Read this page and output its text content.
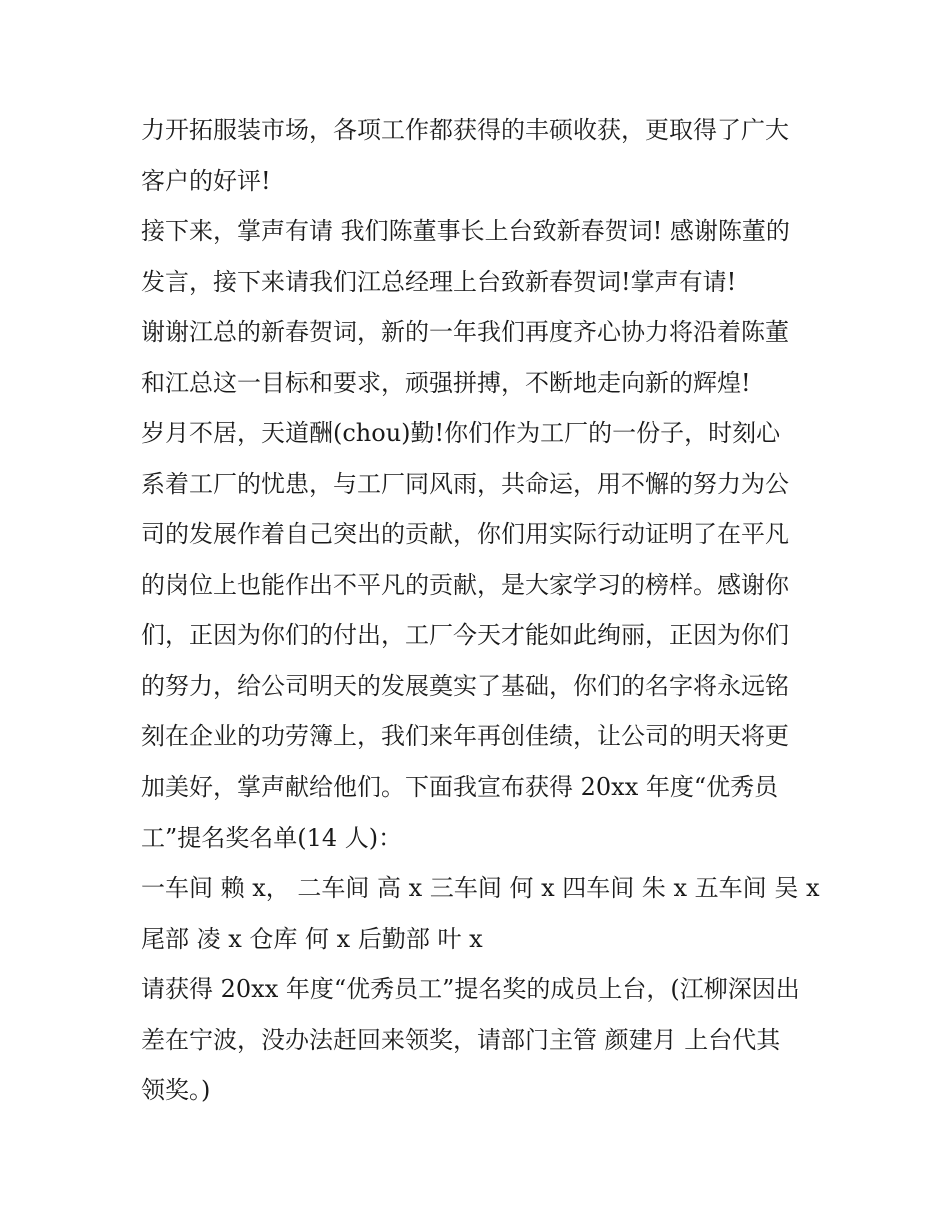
力开拓服装市场，各项工作都获得的丰硕收获，更取得了广大
客户的好评!
接下来，掌声有请 我们陈董事长上台致新春贺词! 感谢陈董的
发言，接下来请我们江总经理上台致新春贺词!掌声有请!
谢谢江总的新春贺词，新的一年我们再度齐心协力将沿着陈董
和江总这一目标和要求，顽强拼搏，不断地走向新的辉煌!
岁月不居，天道酬(chou)勤!你们作为工厂的一份子，时刻心
系着工厂的忧患，与工厂同风雨，共命运，用不懈的努力为公
司的发展作着自己突出的贡献，你们用实际行动证明了在平凡
的岗位上也能作出不平凡的贡献，是大家学习的榜样。感谢你
们，正因为你们的付出，工厂今天才能如此绚丽，正因为你们
的努力，给公司明天的发展奠实了基础，你们的名字将永远铭
刻在企业的功劳簿上，我们来年再创佳绩，让公司的明天将更
加美好，掌声献给他们。下面我宣布获得 20xx 年度“优秀员
工”提名奖名单(14 人)：
一车间 赖 x， 二车间 高 x 三车间 何 x 四车间 朱 x 五车间 吴 x
尾部 凌 x 仓库 何 x 后勤部 叶 x
请获得 20xx 年度“优秀员工”提名奖的成员上台，(江柳深因出
差在宁波，没办法赶回来领奖，请部门主管 颜建月 上台代其
领奖。)
